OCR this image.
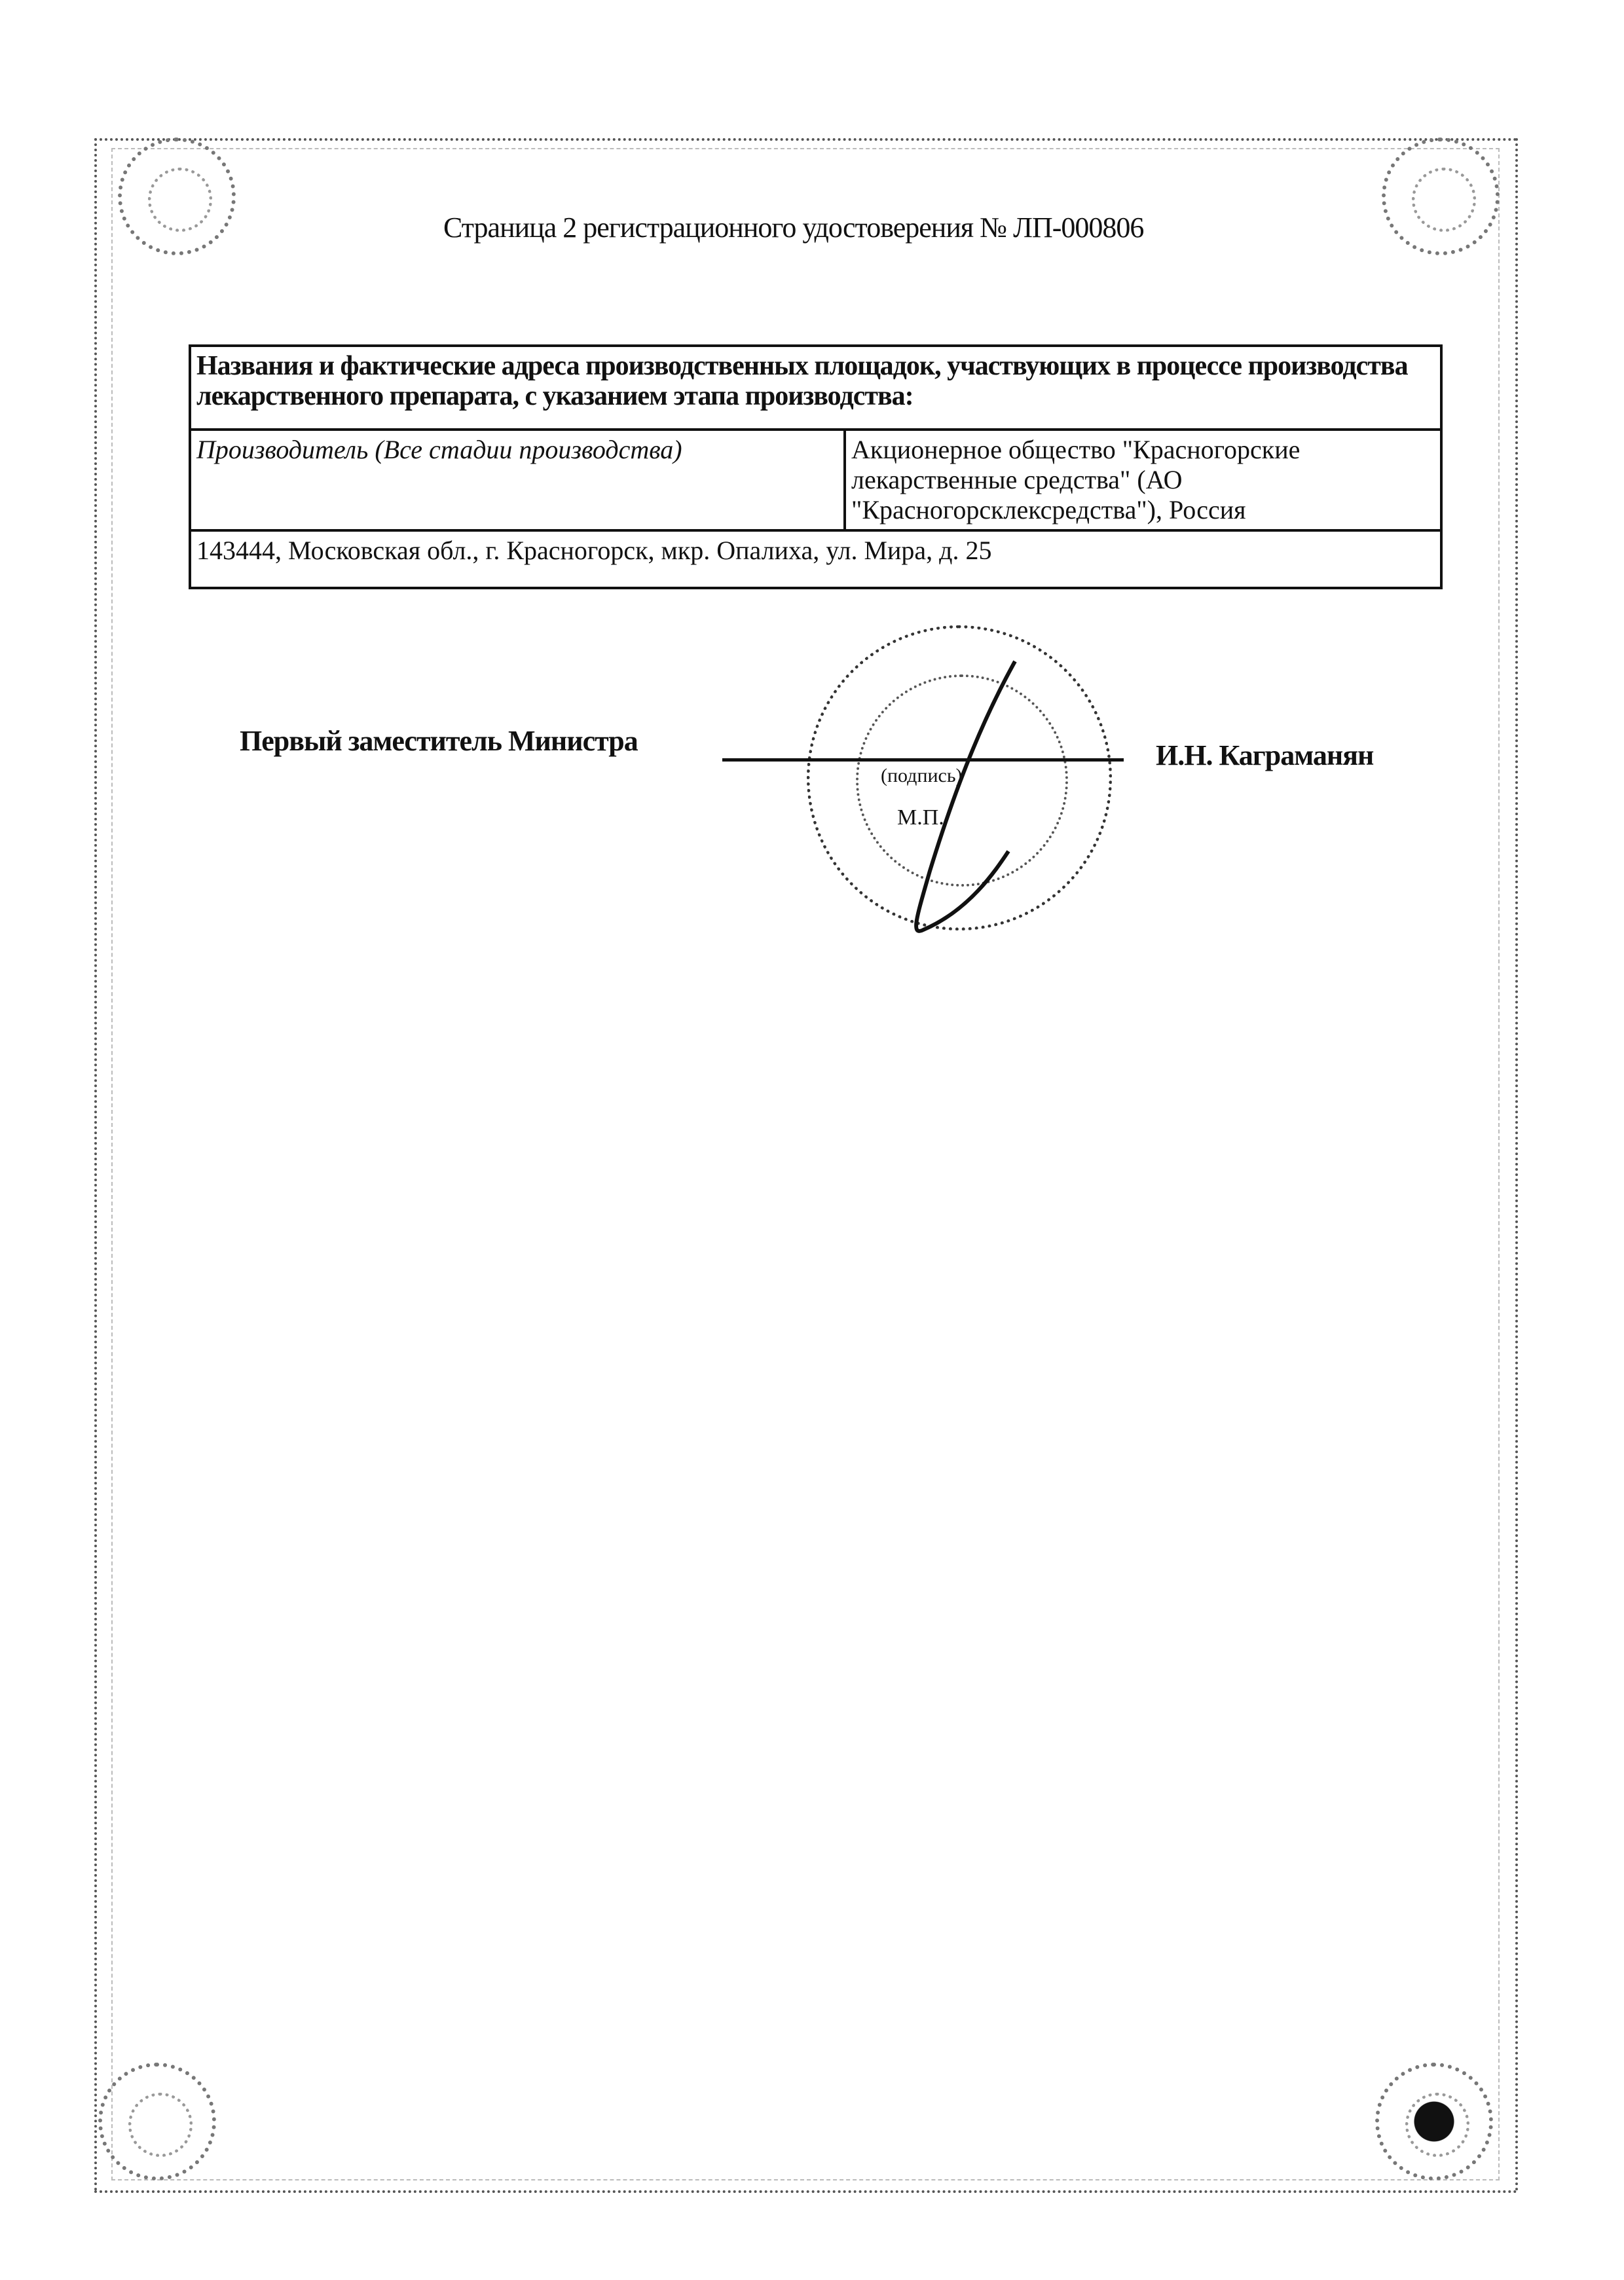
Страница 2 регистрационного удостоверения № ЛП-000806
Названия и фактические адреса производственных площадок, участвующих в процессе производства лекарственного препарата, с указанием этапа производства:
Производитель (Все стадии производства)	Акционерное общество "Красногорские лекарственные средства" (АО "Красногорсклексредства"), Россия
143444, Московская обл., г. Красногорск, мкр. Опалиха, ул. Мира, д. 25
Первый заместитель Министра
(подпись)
М.П.
И.Н. Каграманян
